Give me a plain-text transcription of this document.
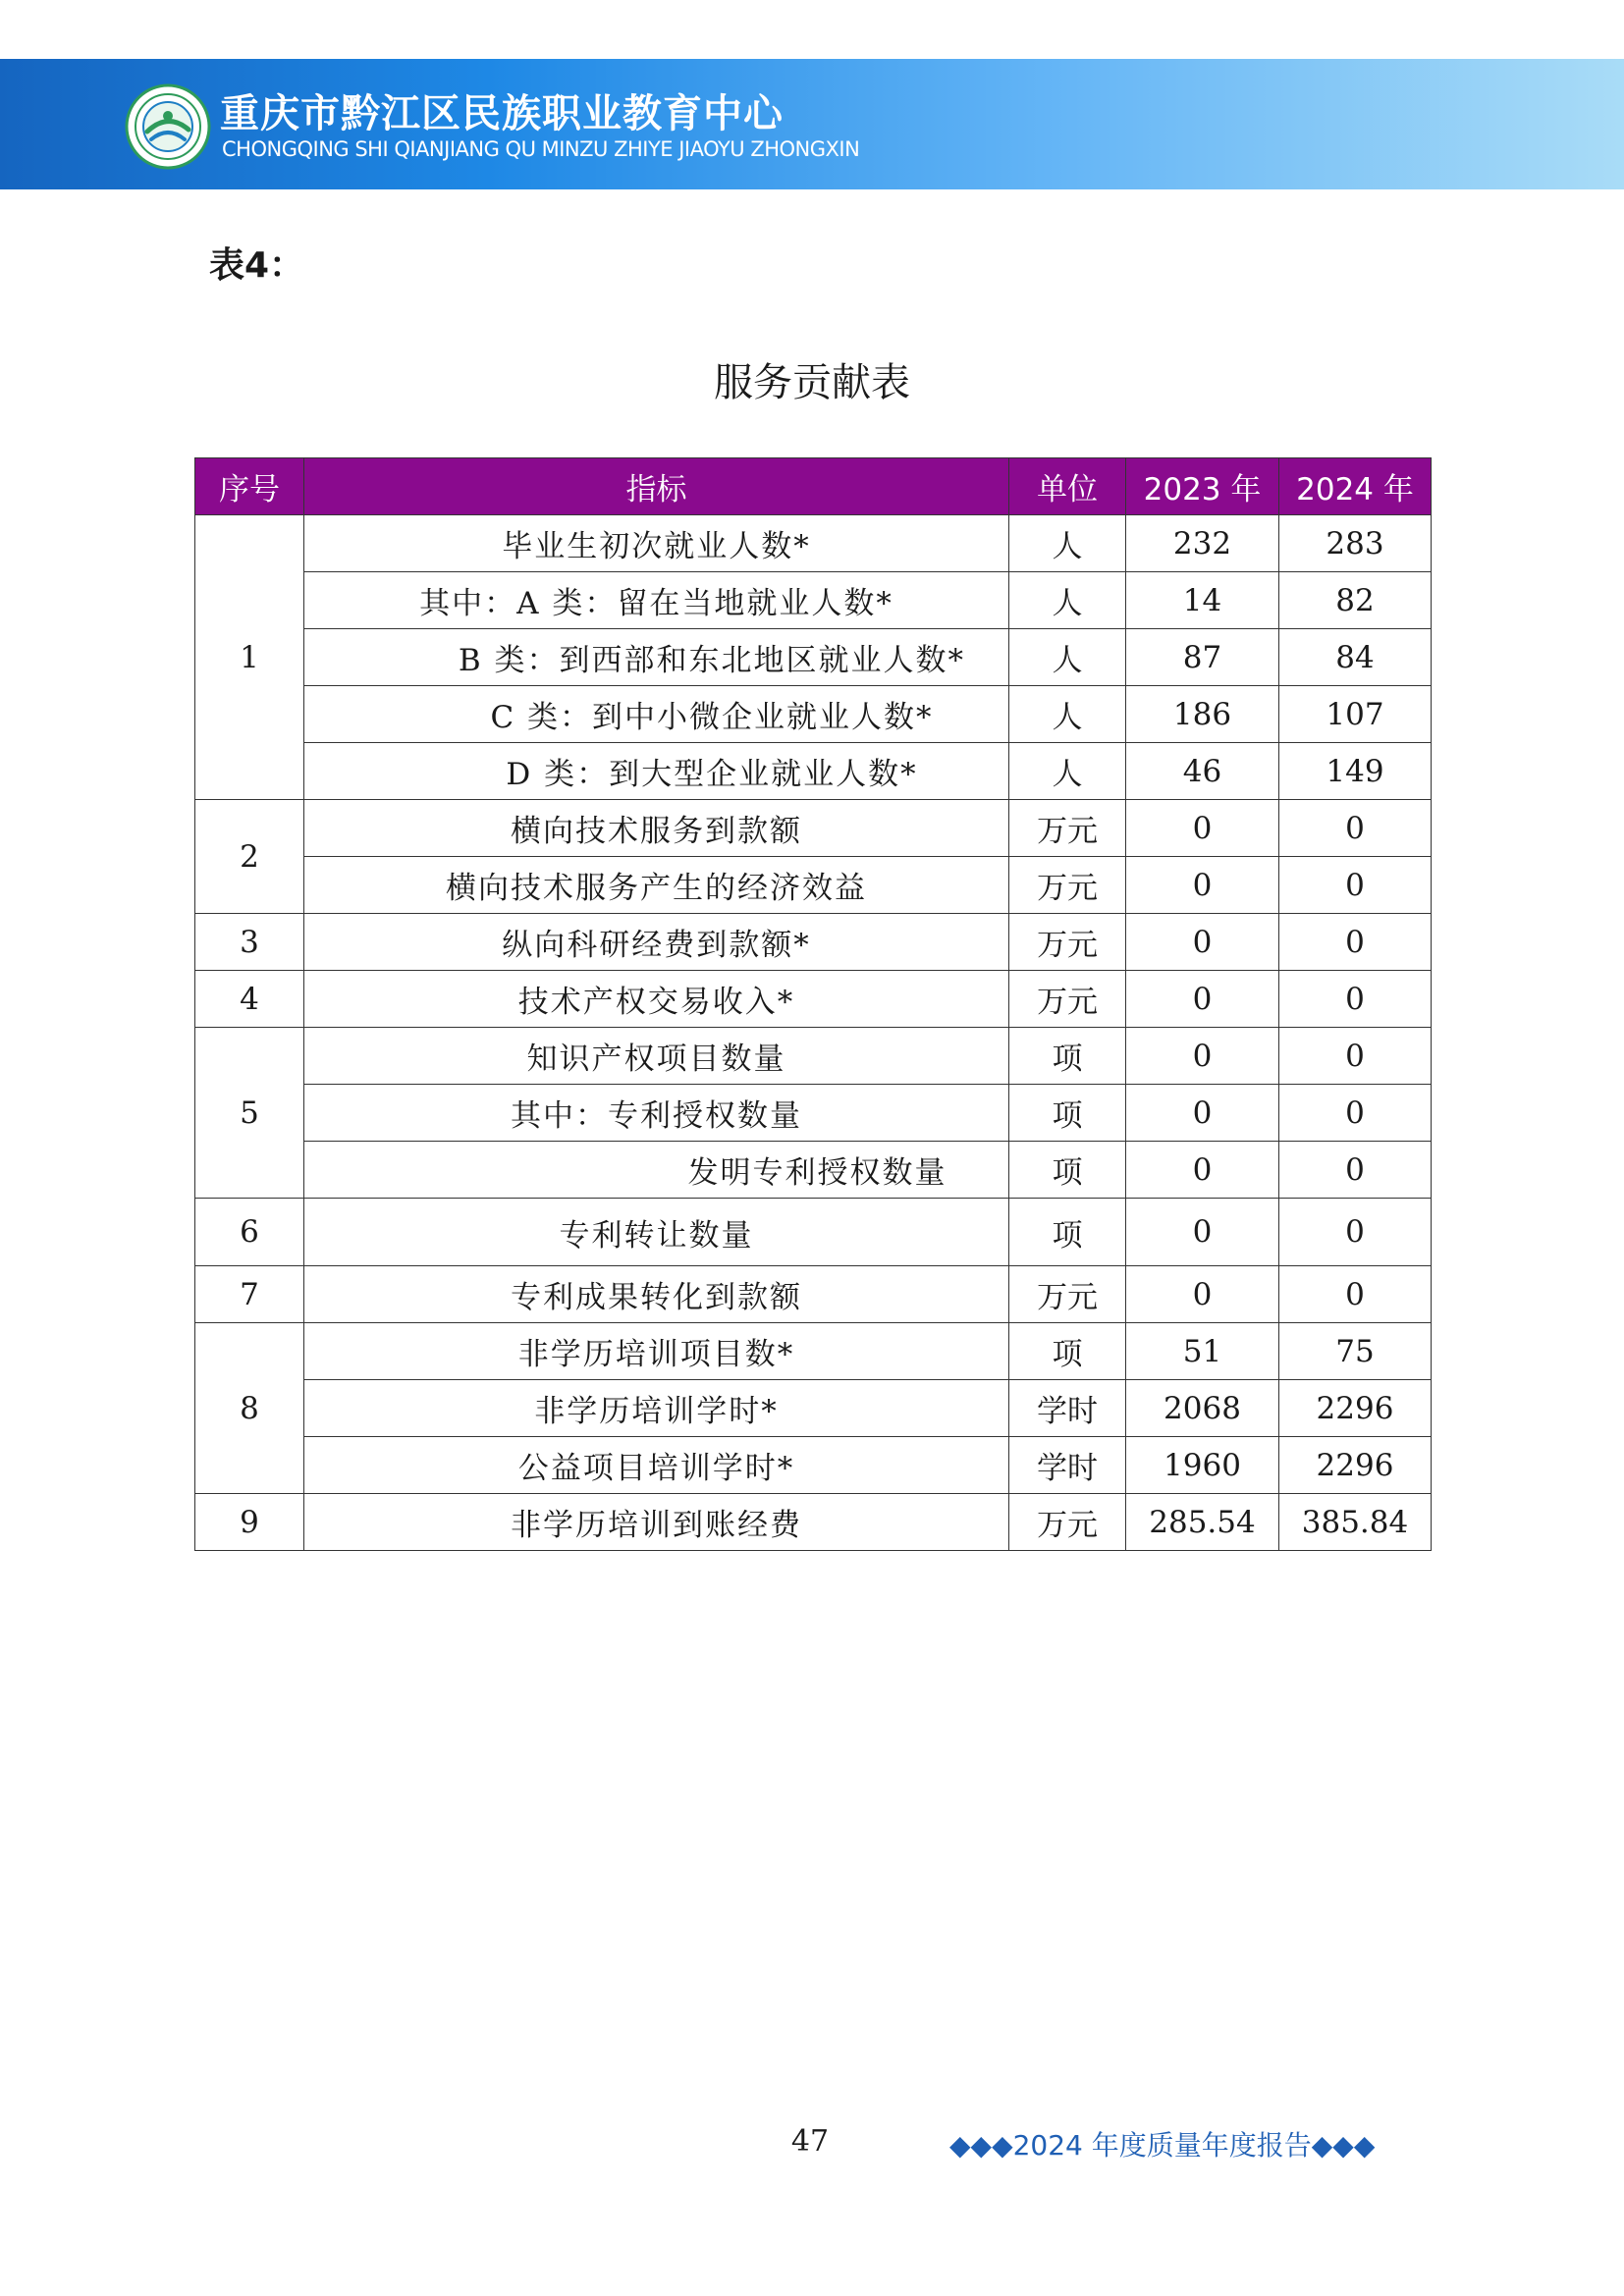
重庆市黔江区民族职业教育中心
CHONGQING SHI QIANJIANG QU MINZU ZHIYE JIAOYU ZHONGXIN
表4：
服务贡献表
序号	指标	单位	2023 年	2024 年
1	毕业生初次就业人数*	人	232	283
	其中：A 类：留在当地就业人数*	人	14	82
	B 类：到西部和东北地区就业人数*	人	87	84
	C 类：到中小微企业就业人数*	人	186	107
	D 类：到大型企业就业人数*	人	46	149
2	横向技术服务到款额	万元	0	0
	横向技术服务产生的经济效益	万元	0	0
3	纵向科研经费到款额*	万元	0	0
4	技术产权交易收入*	万元	0	0
5	知识产权项目数量	项	0	0
	其中：专利授权数量	项	0	0
	发明专利授权数量	项	0	0
6	专利转让数量	项	0	0
7	专利成果转化到款额	万元	0	0
8	非学历培训项目数*	项	51	75
	非学历培训学时*	学时	2068	2296
	公益项目培训学时*	学时	1960	2296
9	非学历培训到账经费	万元	285.54	385.84
47	◆◆◆2024 年度质量年度报告◆◆◆
